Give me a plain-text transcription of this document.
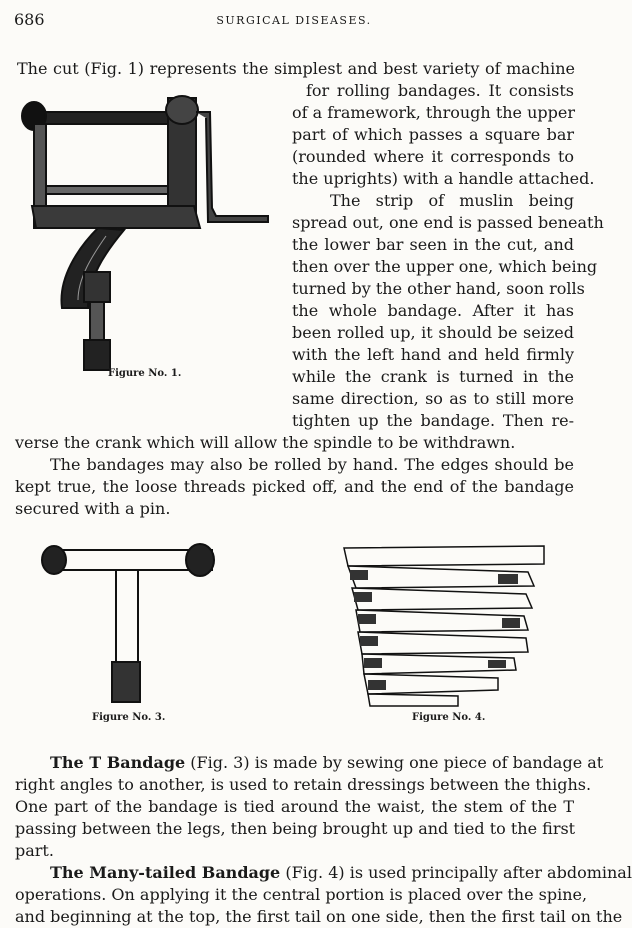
686	SURGICAL DISEASES.
The cut (Fig. 1) represents the simplest and best variety of machine
for rolling bandages. It consists
of a framework, through the upper
part of which passes a square bar
(rounded where it corresponds to
the uprights) with a handle attached.
The strip of muslin being
spread out, one end is passed beneath
the lower bar seen in the cut, and
then over the upper one, which being
turned by the other hand, soon rolls
the whole bandage. After it has
been rolled up, it should be seized
with the left hand and held firmly
while the crank is turned in the
same direction, so as to still more
tighten up the bandage. Then re-
verse the crank which will allow the spindle to be withdrawn.
The bandages may also be rolled by hand. The edges should be
kept true, the loose threads picked off, and the end of the bandage
secured with a pin.
The T Bandage (Fig. 3) is made by sewing one piece of bandage at
right angles to another, is used to retain dressings between the thighs.
One part of the bandage is tied around the waist, the stem of the T
passing between the legs, then being brought up and tied to the first
part.
The Many-tailed Bandage (Fig. 4) is used principally after abdominal
operations. On applying it the central portion is placed over the spine,
and beginning at the top, the first tail on one side, then the first tail on the
Figure No. 1.
Figure No. 3.	Figure No. 4.
